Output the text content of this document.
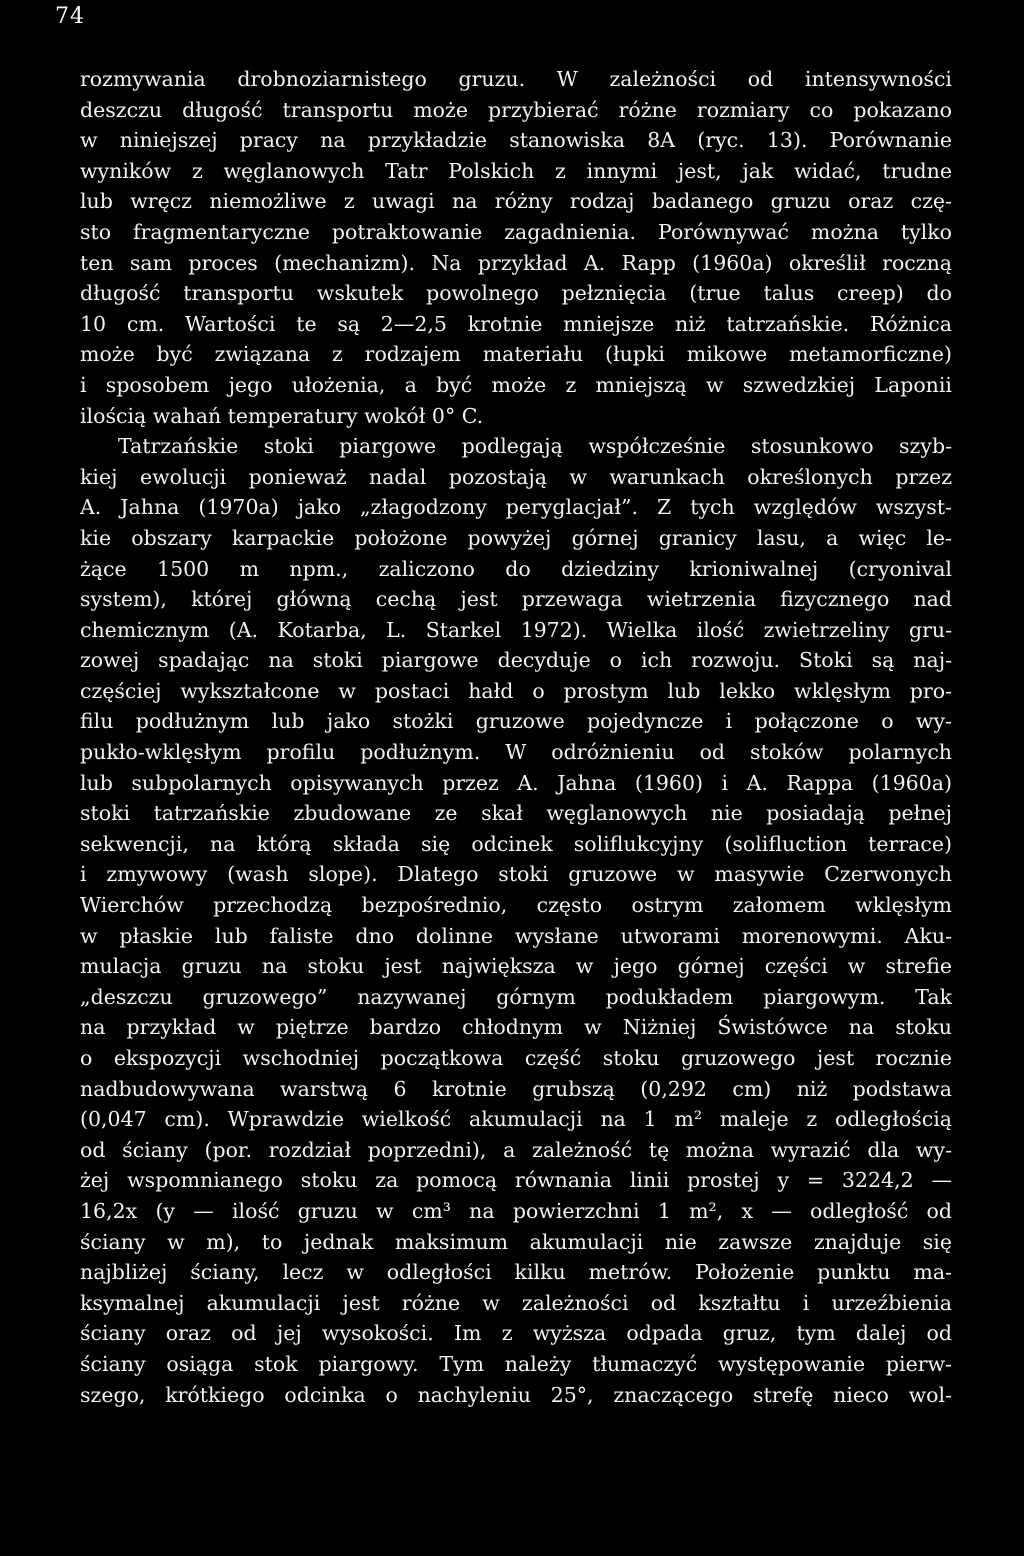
74
rozmywania drobnoziarnistego gruzu. W zależności od intensywności
deszczu długość transportu może przybierać różne rozmiary co pokazano
w niniejszej pracy na przykładzie stanowiska 8A (ryc. 13). Porównanie
wyników z węglanowych Tatr Polskich z innymi jest, jak widać, trudne
lub wręcz niemożliwe z uwagi na różny rodzaj badanego gruzu oraz czę-
sto fragmentaryczne potraktowanie zagadnienia. Porównywać można tylko
ten sam proces (mechanizm). Na przykład A. Rapp (1960a) określił roczną
długość transportu wskutek powolnego pełznięcia (true talus creep) do
10 cm. Wartości te są 2—2,5 krotnie mniejsze niż tatrzańskie. Różnica
może być związana z rodzajem materiału (łupki mikowe metamorficzne)
i sposobem jego ułożenia, a być może z mniejszą w szwedzkiej Laponii
ilością wahań temperatury wokół 0° C.
Tatrzańskie stoki piargowe podlegają współcześnie stosunkowo szyb-
kiej ewolucji ponieważ nadal pozostają w warunkach określonych przez
A. Jahna (1970a) jako „złagodzony peryglacjał”. Z tych względów wszyst-
kie obszary karpackie położone powyżej górnej granicy lasu, a więc le-
żące 1500 m npm., zaliczono do dziedziny krioniwalnej (cryonival
system), której główną cechą jest przewaga wietrzenia fizycznego nad
chemicznym (A. Kotarba, L. Starkel 1972). Wielka ilość zwietrzeliny gru-
zowej spadając na stoki piargowe decyduje o ich rozwoju. Stoki są naj-
częściej wykształcone w postaci hałd o prostym lub lekko wklęsłym pro-
filu podłużnym lub jako stożki gruzowe pojedyncze i połączone o wy-
pukło-wklęsłym profilu podłużnym. W odróżnieniu od stoków polarnych
lub subpolarnych opisywanych przez A. Jahna (1960) i A. Rappa (1960a)
stoki tatrzańskie zbudowane ze skał węglanowych nie posiadają pełnej
sekwencji, na którą składa się odcinek soliflukcyjny (solifluction terrace)
i zmywowy (wash slope). Dlatego stoki gruzowe w masywie Czerwonych
Wierchów przechodzą bezpośrednio, często ostrym załomem wklęsłym
w płaskie lub faliste dno dolinne wysłane utworami morenowymi. Aku-
mulacja gruzu na stoku jest największa w jego górnej części w strefie
„deszczu gruzowego” nazywanej górnym podukładem piargowym. Tak
na przykład w piętrze bardzo chłodnym w Niżniej Świstówce na stoku
o ekspozycji wschodniej początkowa część stoku gruzowego jest rocznie
nadbudowywana warstwą 6 krotnie grubszą (0,292 cm) niż podstawa
(0,047 cm). Wprawdzie wielkość akumulacji na 1 m² maleje z odległością
od ściany (por. rozdział poprzedni), a zależność tę można wyrazić dla wy-
żej wspomnianego stoku za pomocą równania linii prostej y = 3224,2 —
16,2x (y — ilość gruzu w cm³ na powierzchni 1 m², x — odległość od
ściany w m), to jednak maksimum akumulacji nie zawsze znajduje się
najbliżej ściany, lecz w odległości kilku metrów. Położenie punktu ma-
ksymalnej akumulacji jest różne w zależności od kształtu i urzeźbienia
ściany oraz od jej wysokości. Im z wyższa odpada gruz, tym dalej od
ściany osiąga stok piargowy. Tym należy tłumaczyć występowanie pierw-
szego, krótkiego odcinka o nachyleniu 25°, znaczącego strefę nieco wol-
